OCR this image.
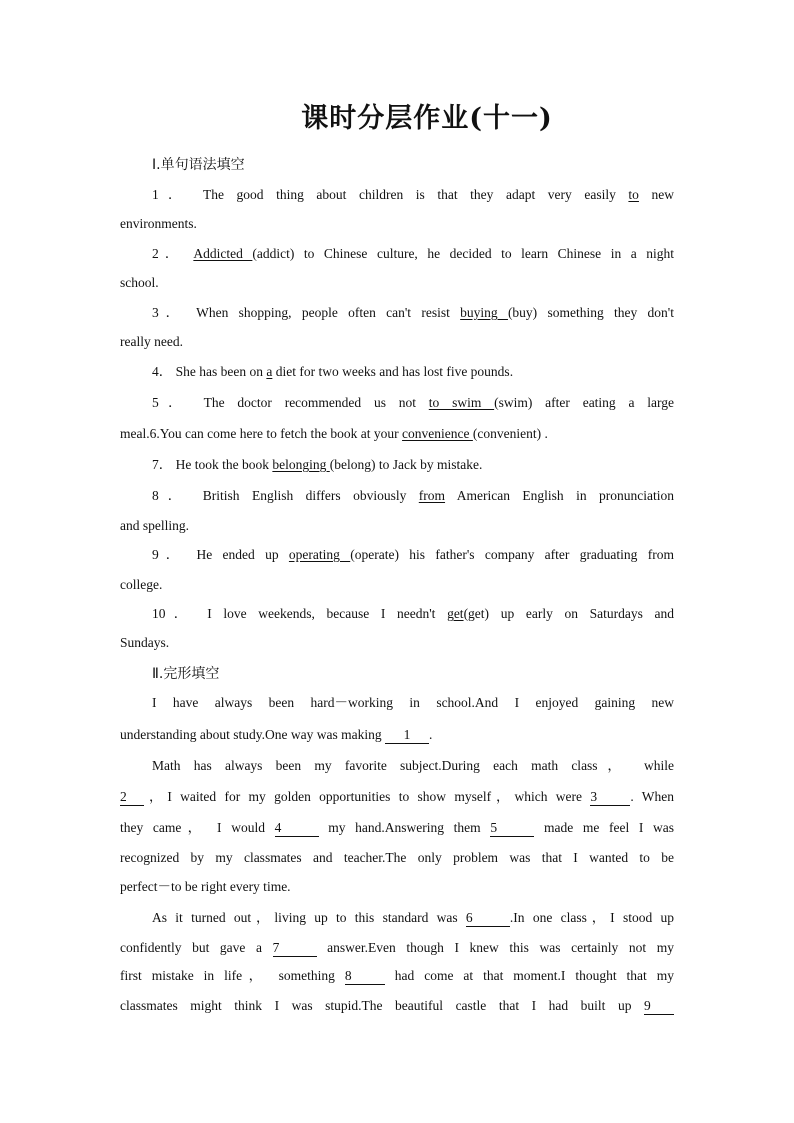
课时分层作业(十一)
Ⅰ.单句语法填空
1． The good thing about children is that they adapt very easily to new
environments.
2． Addicted (addict) to Chinese culture, he decided to learn Chinese in a night
school.
3． When shopping, people often can't resist buying (buy) something they don't
really need.
4． She has been on a diet for two weeks and has lost five pounds.
5． The doctor recommended us not to swim (swim) after eating a large
meal.6.You can come here to fetch the book at your convenience (convenient) .
7． He took the book belonging (belong) to Jack by mistake.
8． British English differs obviously from American English in pronunciation
and spelling.
9． He ended up operating (operate) his father's company after graduating from
college.
10． I love weekends, because I needn't get(get) up early on Saturdays and
Sundays.
Ⅱ.完形填空
I have always been hard－working in school.And I enjoyed gaining new
understanding about study.One way was making 1 .
Math has always been my favorite subject.During each math class， while
2 ，I waited for my golden opportunities to show myself，which were 3 . When
they came， I would 4	my hand.Answering them 5	made me feel I was
recognized by my classmates and teacher.The only problem was that I wanted to be
perfect－to be right every time.
As it turned out，living up to this standard was 6	.In one class，I stood up
confidently but gave a 7	answer.Even though I knew this was certainly not my
first mistake in life， something 8 had come at that moment.I thought that my
classmates might think I was stupid.The beautiful castle that I had built up 9
